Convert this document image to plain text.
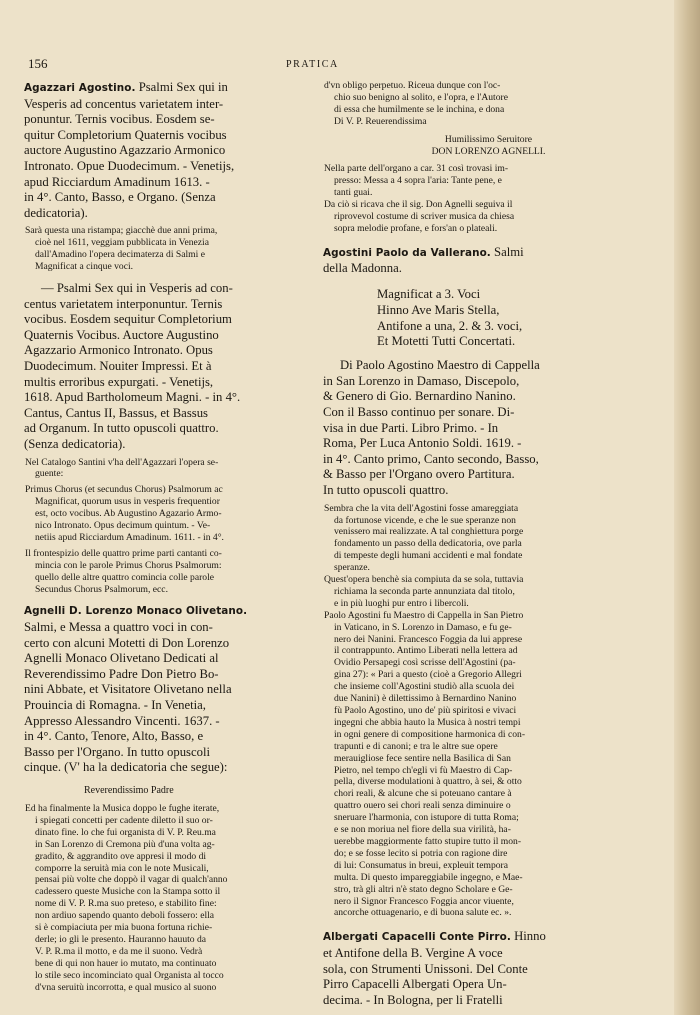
156	PRATICA

Agazzari Agostino. Psalmi Sex qui in
Vesperis ad concentus varietatem inter-
ponuntur. Ternis vocibus. Eosdem se-
quitur Completorium Quaternis vocibus
auctore Augustino Agazzario Armonico
Intronato. Opue Duodecimum. - Venetijs,
apud Ricciardum Amadinum 1613. -
in 4°. Canto, Basso, e Organo. (Senza
dedicatoria).

Sarà questa una ristampa; giacchè due anni prima,
cioè nel 1611, veggiam pubblicata in Venezia
dall'Amadino l'opera decimaterza di Salmi e
Magnificat a cinque voci.

— Psalmi Sex qui in Vesperis ad con-
centus varietatem interponuntur. Ternis
vocibus. Eosdem sequitur Completorium
Quaternis Vocibus. Auctore Augustino
Agazzario Armonico Intronato. Opus
Duodecimum. Nouiter Impressi. Et à
multis erroribus expurgati. - Venetijs,
1618. Apud Bartholomeum Magni. - in 4°.
Cantus, Cantus II, Bassus, et Bassus
ad Organum. In tutto opuscoli quattro.
(Senza dedicatoria).

Nel Catalogo Santini v'ha dell'Agazzari l'opera se-
guente:

Primus Chorus (et secundus Chorus) Psalmorum ac
Magnificat, quorum usus in vesperis frequentior
est, octo vocibus. Ab Augustino Agazario Armo-
nico Intronato. Opus decimum quintum. - Ve-
netiis apud Ricciardum Amadinum. 1611. - in 4°.

Il frontespizio delle quattro prime parti cantanti co-
mincia con le parole Primus Chorus Psalmorum:
quello delle altre quattro comincia colle parole
Secundus Chorus Psalmorum, ecc.

Agnelli D. Lorenzo Monaco Olivetano.

Salmi, e Messa a quattro voci in con-
certo con alcuni Motetti di Don Lorenzo
Agnelli Monaco Olivetano Dedicati al
Reverendissimo Padre Don Pietro Bo-
nini Abbate, et Visitatore Olivetano nella
Prouincia di Romagna. - In Venetia,
Appresso Alessandro Vincenti. 1637. -
in 4°. Canto, Tenore, Alto, Basso, e
Basso per l'Organo. In tutto opuscoli
cinque. (V' ha la dedicatoria che segue):

Reverendissimo Padre

Ed ha finalmente la Musica doppo le fughe iterate,
i spiegati concetti per cadente diletto il suo or-
dinato fine. lo che fui organista di V. P. Reu.ma
in San Lorenzo di Cremona più d'una volta ag-
gradito, & aggrandito ove appresi il modo di
comporre la seruità mia con le note Musicali,
pensai più volte che doppò il vagar di qualch'anno
cadessero queste Musiche con la Stampa sotto il
nome di V. P. R.ma suo preteso, e stabilito fine:
non ardiuo sapendo quanto deboli fossero: ella
si è compiaciuta per mia buona fortuna richie-
derle; io gli le presento. Hauranno hauuto da
V. P. R.ma il motto, e da me il suono. Vedrà
bene di qui non hauer io mutato, ma continuato
lo stile seco incominciato qual Organista al tocco
d'vna seruitù incorrotta, e qual musico al suono

d'vn obligo perpetuo. Riceua dunque con l'oc-
chio suo benigno al solito, e l'opra, e l'Autore
di essa che humilmente se le inchina, e dona
Di V. P. Reuerendissima

Humilissimo Seruitore
DON LORENZO AGNELLI.

Nella parte dell'organo a car. 31 così trovasi im-
presso: Messa a 4 sopra l'aria: Tante pene, e
tanti guai.

Da ciò si ricava che il sig. Don Agnelli seguiva il
riprovevol costume di scriver musica da chiesa
sopra melodie profane, e fors'an o plateali.

Agostini Paolo da Vallerano. Salmi
della Madonna.

Magnificat a 3. Voci
Hinno Ave Maris Stella,
Antifone a una, 2. & 3. voci,
Et Motetti Tutti Concertati.

Di Paolo Agostino Maestro di Cappella
in San Lorenzo in Damaso, Discepolo,
& Genero di Gio. Bernardino Nanino.
Con il Basso continuo per sonare. Di-
visa in due Parti. Libro Primo. - In
Roma, Per Luca Antonio Soldi. 1619. -
in 4°. Canto primo, Canto secondo, Basso,
& Basso per l'Organo overo Partitura.
In tutto opuscoli quattro.

Sembra che la vita dell'Agostini fosse amareggiata
da fortunose vicende, e che le sue speranze non
venissero mai realizzate. A tal conghiettura porge
fondamento un passo della dedicatoria, ove parla
di tempeste degli humani accidenti e mal fondate
speranze.

Quest'opera benchè sia compiuta da se sola, tuttavia
richiama la seconda parte annunziata dal titolo,
e in più luoghi pur entro i libercoli.

Paolo Agostini fu Maestro di Cappella in San Pietro
in Vaticano, in S. Lorenzo in Damaso, e fu ge-
nero dei Nanini. Francesco Foggia da lui apprese
il contrappunto. Antimo Liberati nella lettera ad
Ovidio Persapegi così scrisse dell'Agostini (pa-
gina 27): « Pari a questo (cioè a Gregorio Allegri
che insieme coll'Agostini studiò alla scuola dei
due Nanini) è dilettissimo à Bernardino Nanino
fù Paolo Agostino, uno de' più spiritosi e vivaci
ingegni che abbia hauto la Musica à nostri tempi
in ogni genere di compositione harmonica di con-
trapunti e di canoni; e tra le altre sue opere
merauigliose fece sentire nella Basilica di San
Pietro, nel tempo ch'egli vi fù Maestro di Cap-
pella, diverse modulationi à quattro, à sei, & otto
chori reali, & alcune che si poteuano cantare à
quattro ouero sei chori reali senza diminuire o
sneruare l'harmonia, con istupore di tutta Roma;
e se non moriua nel fiore della sua virilità, ha-
uerebbe maggiormente fatto stupire tutto il mon-
do; e se fosse lecito si potria con ragione dire
di lui: Consumatus in breui, expleuit tempora
multa. Di questo impareggiabile ingegno, e Mae-
stro, trà gli altri n'è stato degno Scholare e Ge-
nero il Signor Francesco Foggia ancor viuente,
ancorche ottuagenario, e di buona salute ec. ».

Albergati Capacelli Conte Pirro. Hinno
et Antifone della B. Vergine A voce
sola, con Strumenti Unissoni. Del Conte
Pirro Capacelli Albergati Opera Un-
decima. - In Bologna, per li Fratelli
